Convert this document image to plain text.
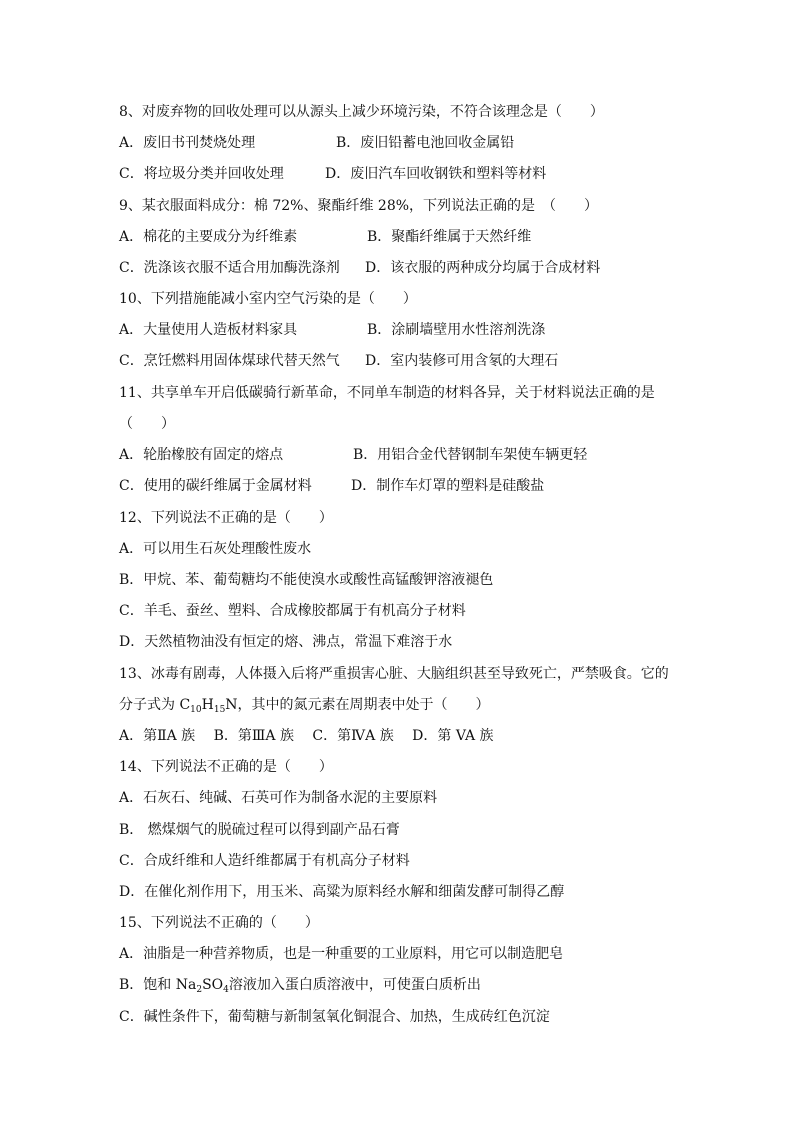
8、对废弃物的回收处理可以从源头上减少环境污染，不符合该理念是（　　）
A．废旧书刊焚烧处理	B．废旧铅蓄电池回收金属铅
C．将垃圾分类并回收处理	D．废旧汽车回收钢铁和塑料等材料
9、某衣服面料成分：棉 72%、聚酯纤维 28%，下列说法正确的是　（　　）
A．棉花的主要成分为纤维素	B．聚酯纤维属于天然纤维
C．洗涤该衣服不适合用加酶洗涤剂 D．该衣服的两种成分均属于合成材料
10、下列措施能减小室内空气污染的是（　　）
A．大量使用人造板材料家具	B．涂刷墙壁用水性溶剂洗涤
C．烹饪燃料用固体煤球代替天然气 D．室内装修可用含氡的大理石
11、共享单车开启低碳骑行新革命，不同单车制造的材料各异，关于材料说法正确的是
（　　）
A．轮胎橡胶有固定的熔点	B．用铝合金代替钢制车架使车辆更轻
C．使用的碳纤维属于金属材料	D．制作车灯罩的塑料是硅酸盐
12、下列说法不正确的是（　　）
A．可以用生石灰处理酸性废水
B．甲烷、苯、葡萄糖均不能使溴水或酸性高锰酸钾溶液褪色
C．羊毛、蚕丝、塑料、合成橡胶都属于有机高分子材料
D．天然植物油没有恒定的熔、沸点，常温下难溶于水
13、冰毒有剧毒，人体摄入后将严重损害心脏、大脑组织甚至导致死亡，严禁吸食。它的
分子式为 $C_{10}H_{15}N$，其中的氮元素在周期表中处于（　　）
A．第ⅡA 族　 B．第ⅢA 族　 C．第ⅣA 族　 D．第 VA 族
14、下列说法不正确的是（　　）
A．石灰石、纯碱、石英可作为制备水泥的主要原料
B． 燃煤烟气的脱硫过程可以得到副产品石膏
C．合成纤维和人造纤维都属于有机高分子材料
D．在催化剂作用下，用玉米、高粱为原料经水解和细菌发酵可制得乙醇
15、下列说法不正确的（　　）
A．油脂是一种营养物质，也是一种重要的工业原料，用它可以制造肥皂
B．饱和 $Na_2SO_4$溶液加入蛋白质溶液中，可使蛋白质析出
C．碱性条件下，葡萄糖与新制氢氧化铜混合、加热，生成砖红色沉淀
